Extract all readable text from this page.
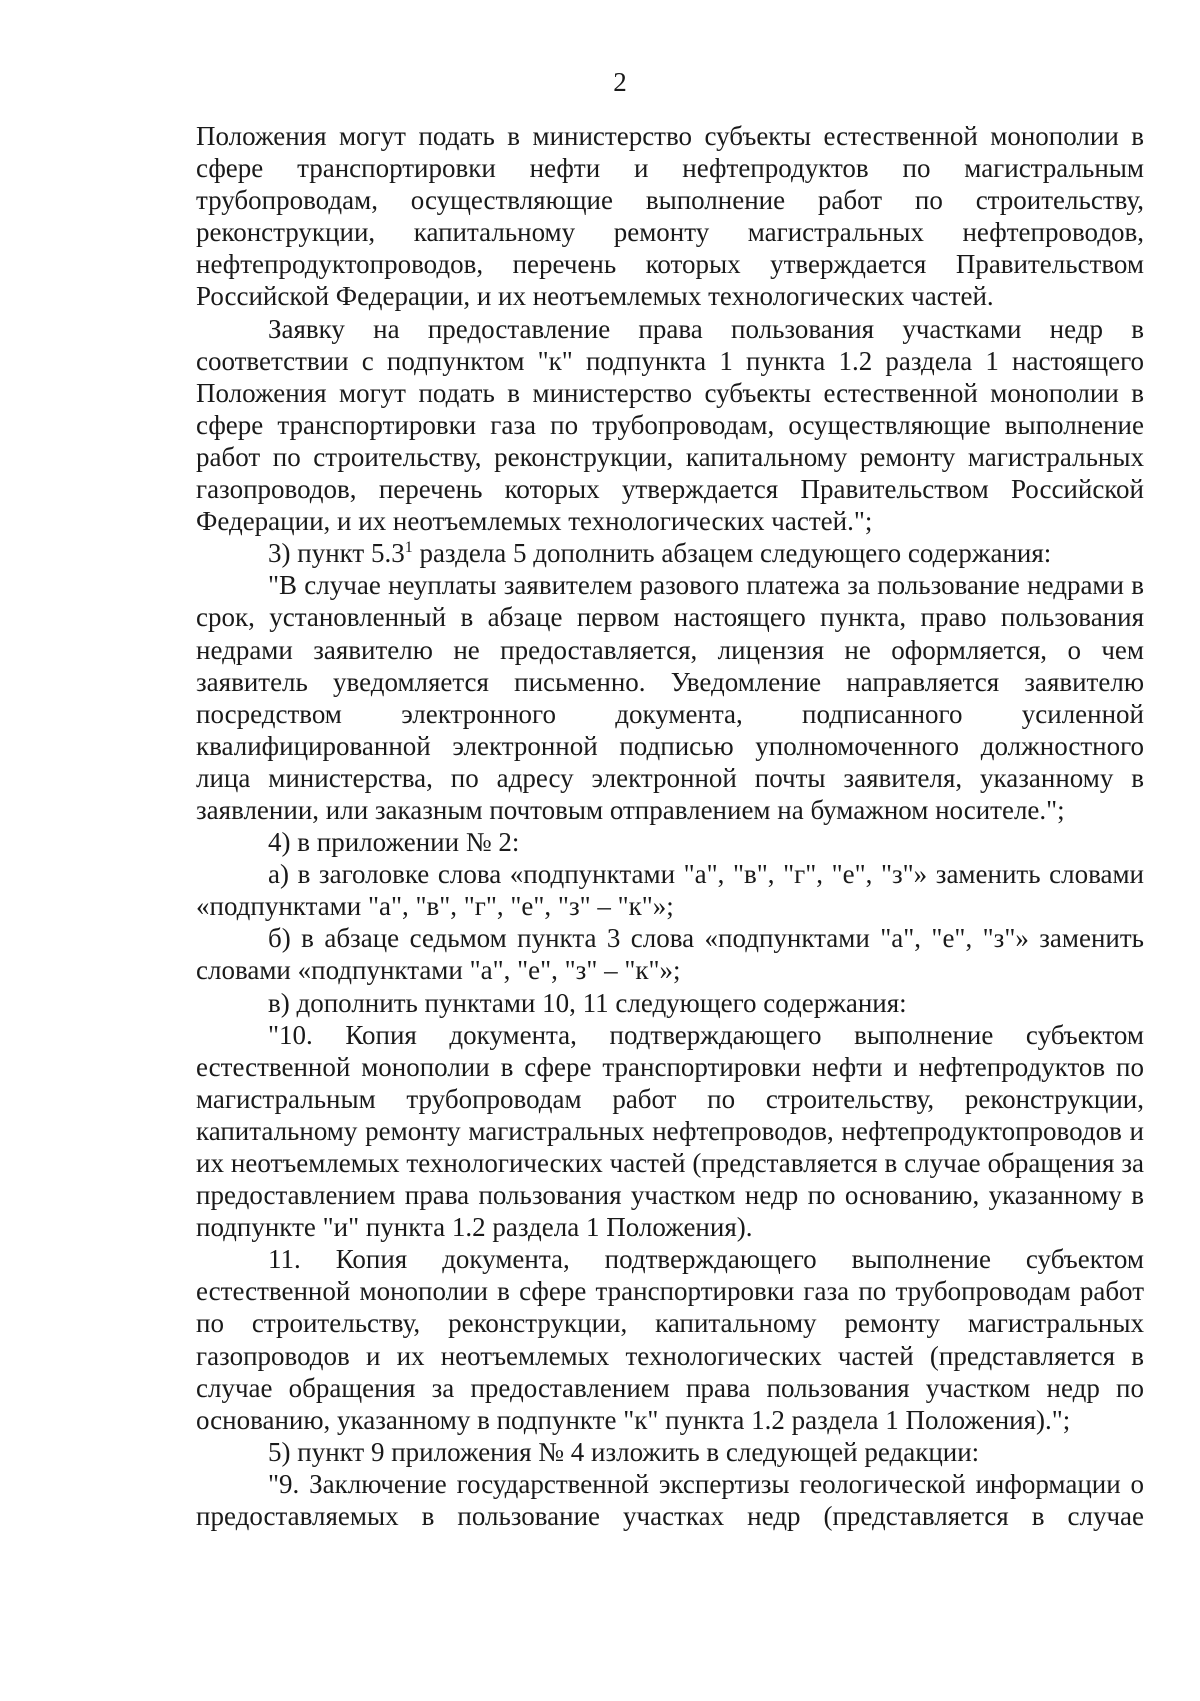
2

Положения могут подать в министерство субъекты естественной монополии в сфере транспортировки нефти и нефтепродуктов по магистральным трубопроводам, осуществляющие выполнение работ по строительству, реконструкции, капитальному ремонту магистральных нефтепроводов, нефтепродуктопроводов, перечень которых утверждается Правительством Российской Федерации, и их неотъемлемых технологических частей.

Заявку на предоставление права пользования участками недр в соответствии с подпунктом "к" подпункта 1 пункта 1.2 раздела 1 настоящего Положения могут подать в министерство субъекты естественной монополии в сфере транспортировки газа по трубопроводам, осуществляющие выполнение работ по строительству, реконструкции, капитальному ремонту магистральных газопроводов, перечень которых утверждается Правительством Российской Федерации, и их неотъемлемых технологических частей.";

3) пункт $5.3^1$ раздела 5 дополнить абзацем следующего содержания:

"В случае неуплаты заявителем разового платежа за пользование недрами в срок, установленный в абзаце первом настоящего пункта, право пользования недрами заявителю не предоставляется, лицензия не оформляется, о чем заявитель уведомляется письменно. Уведомление направляется заявителю посредством электронного документа, подписанного усиленной квалифицированной электронной подписью уполномоченного должностного лица министерства, по адресу электронной почты заявителя, указанному в заявлении, или заказным почтовым отправлением на бумажном носителе.";

4) в приложении № 2:

а) в заголовке слова «подпунктами "а", "в", "г", "е", "з"» заменить словами «подпунктами "а", "в", "г", "е", "з" – "к"»;

б) в абзаце седьмом пункта 3 слова «подпунктами "а", "е", "з"» заменить словами «подпунктами "а", "е", "з" – "к"»;

в) дополнить пунктами 10, 11 следующего содержания:

"10. Копия документа, подтверждающего выполнение субъектом естественной монополии в сфере транспортировки нефти и нефтепродуктов по магистральным трубопроводам работ по строительству, реконструкции, капитальному ремонту магистральных нефтепроводов, нефтепродуктопроводов и их неотъемлемых технологических частей (представляется в случае обращения за предоставлением права пользования участком недр по основанию, указанному в подпункте "и" пункта 1.2 раздела 1 Положения).

11. Копия документа, подтверждающего выполнение субъектом естественной монополии в сфере транспортировки газа по трубопроводам работ по строительству, реконструкции, капитальному ремонту магистральных газопроводов и их неотъемлемых технологических частей (представляется в случае обращения за предоставлением права пользования участком недр по основанию, указанному в подпункте "к" пункта 1.2 раздела 1 Положения).";

5) пункт 9 приложения № 4 изложить в следующей редакции:

"9. Заключение государственной экспертизы геологической информации о предоставляемых в пользование участках недр (представляется в случае
